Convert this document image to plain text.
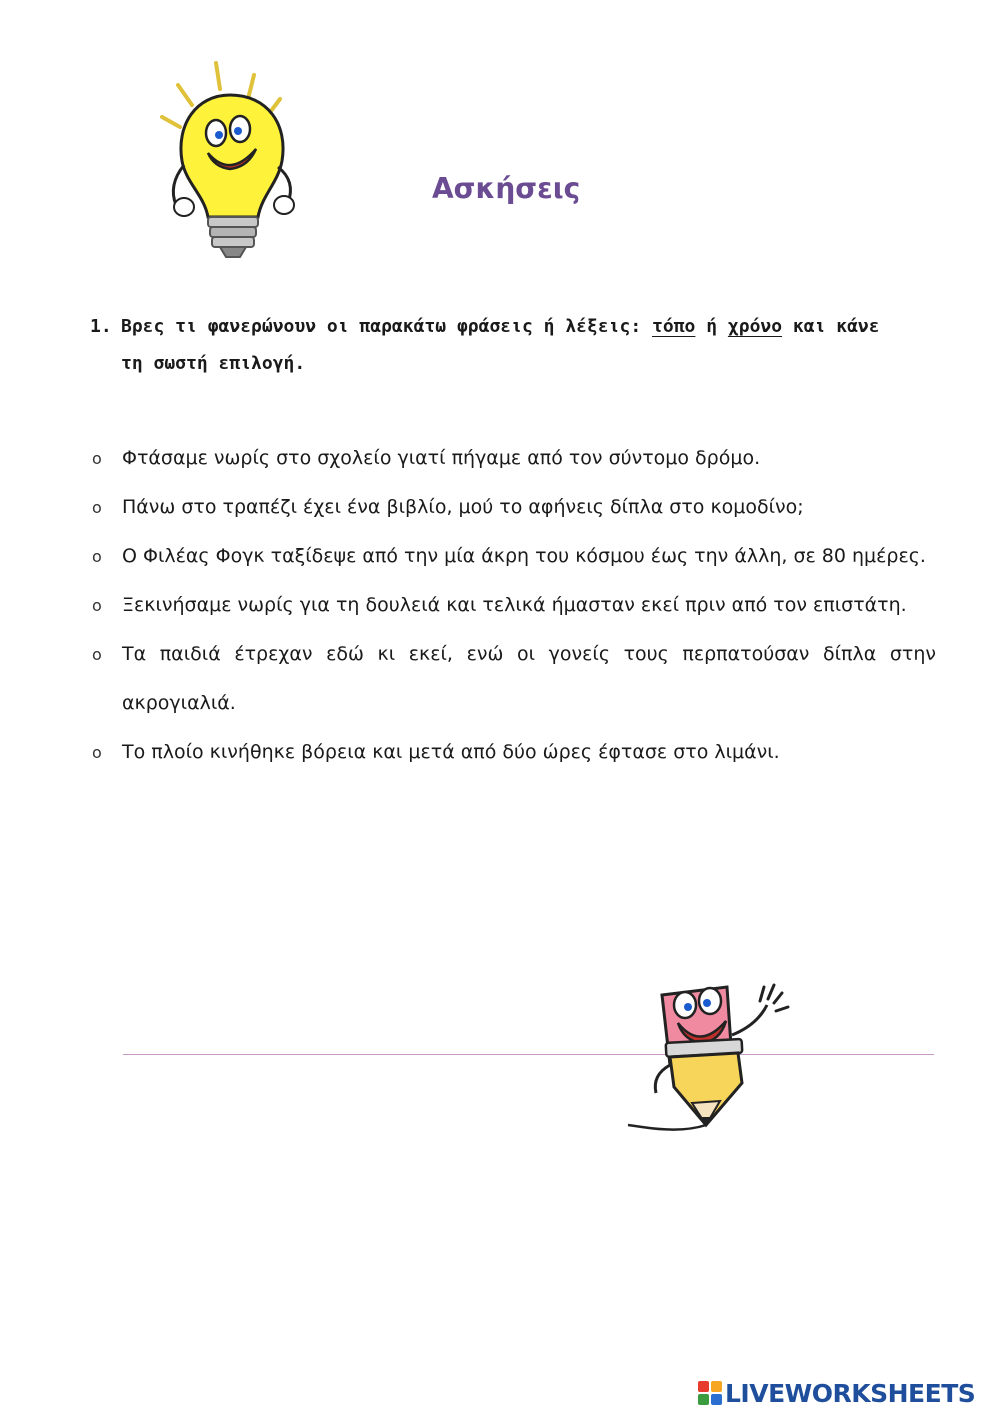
Ασκήσεις
1. Βρες τι φανερώνουν οι παρακάτω φράσεις ή λέξεις: τόπο ή χρόνο και κάνε τη σωστή επιλογή.
o Φτάσαμε νωρίς στο σχολείο γιατί πήγαμε από τον σύντομο δρόμο.
o Πάνω στο τραπέζι έχει ένα βιβλίο, μού το αφήνεις δίπλα στο κομοδίνο;
o Ο Φιλέας Φογκ ταξίδεψε από την μία άκρη του κόσμου έως την άλλη, σε 80 ημέρες.
o Ξεκινήσαμε νωρίς για τη δουλειά και τελικά ήμασταν εκεί πριν από τον επιστάτη.
o Τα παιδιά έτρεχαν εδώ κι εκεί, ενώ οι γονείς τους περπατούσαν δίπλα στην ακρογιαλιά.
o Το πλοίο κινήθηκε βόρεια και μετά από δύο ώρες έφτασε στο λιμάνι.
LIVEWORKSHEETS
